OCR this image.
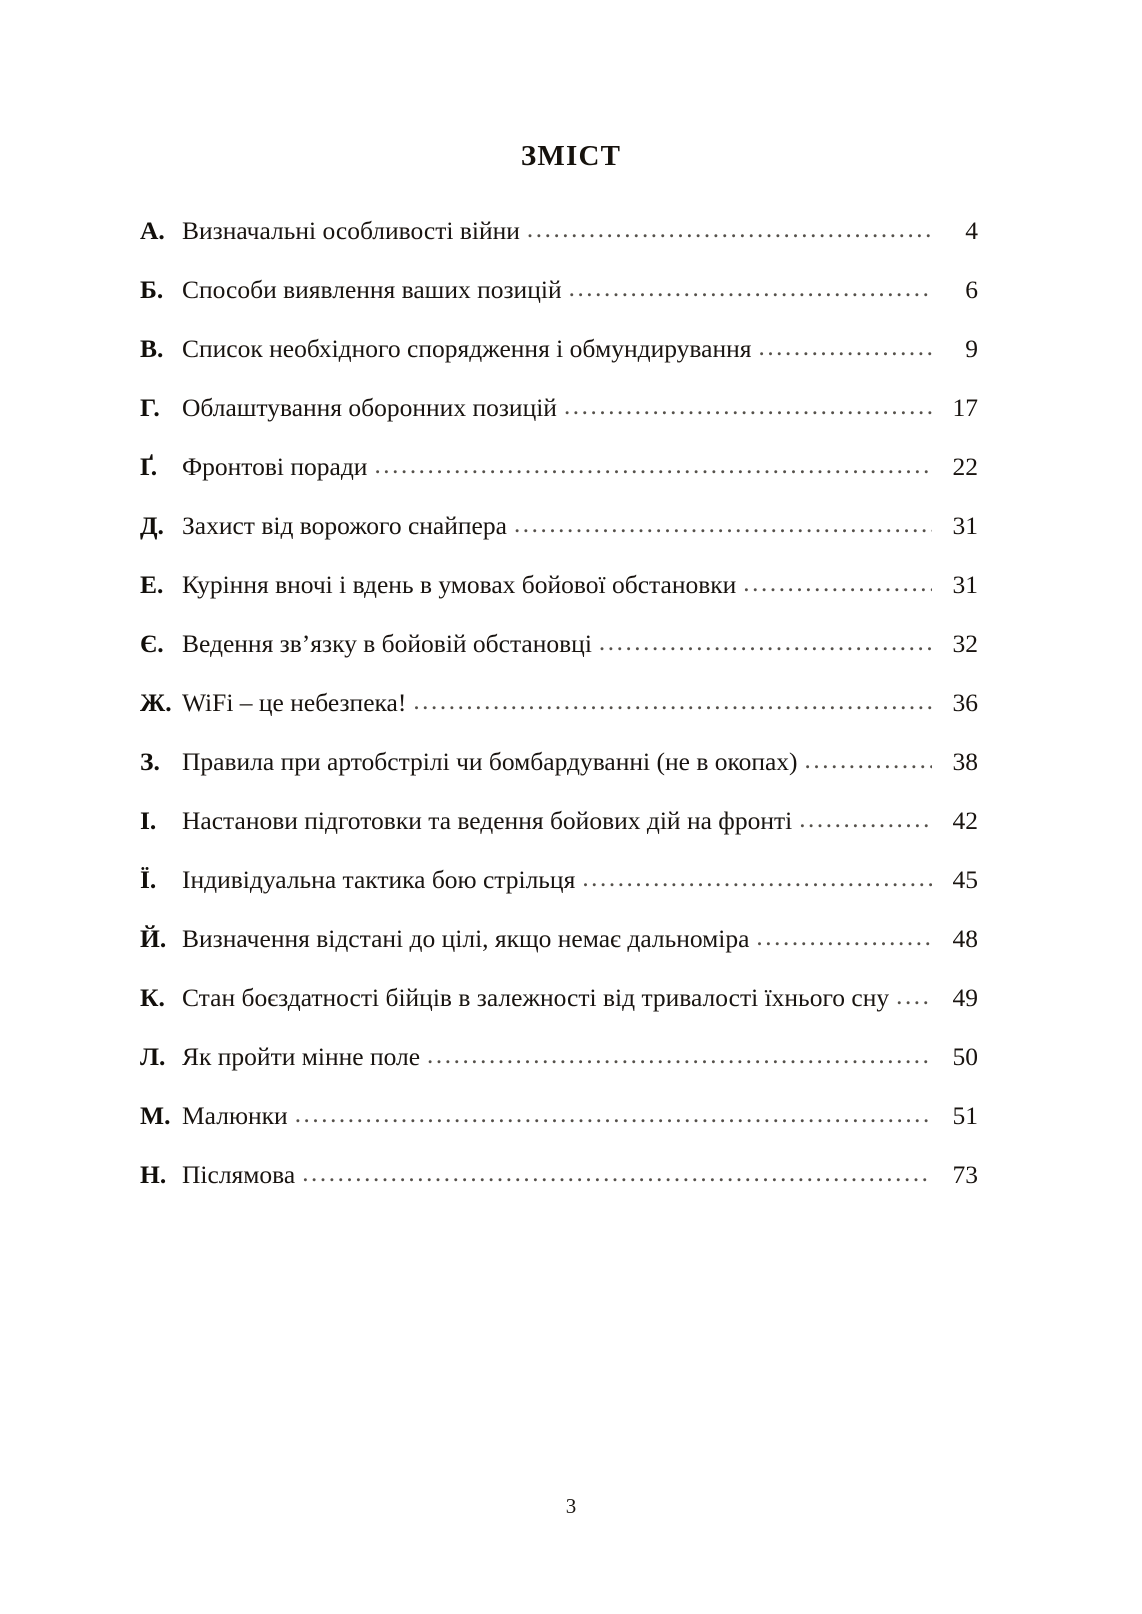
ЗМІСТ
А. Визначальні особливості війни .....	4
Б. Способи виявлення ваших позицій .....	6
В. Список необхідного спорядження і обмундирування .....	9
Г. Облаштування оборонних позицій .....	17
Ґ. Фронтові поради .....	22
Д. Захист від ворожого снайпера .....	31
Е. Куріння вночі і вдень в умовах бойової обстановки .....	31
Є. Ведення зв’язку в бойовій обстановці .....	32
Ж. WiFi – це небезпека! .....	36
З. Правила при артобстрілі чи бомбардуванні (не в окопах) .....	38
І.	Настанови підготовки та ведення бойових дій на фронті .....	42
Ї.	Індивідуальна тактика бою стрільця .....	45
Й. Визначення відстані до цілі, якщо немає дальноміра .....	48
К. Стан боєздатності бійців в залежності від тривалості їхнього сну .....	49
Л. Як пройти мінне поле .....	50
М. Малюнки .....	51
Н. Післямова .....	73
3
